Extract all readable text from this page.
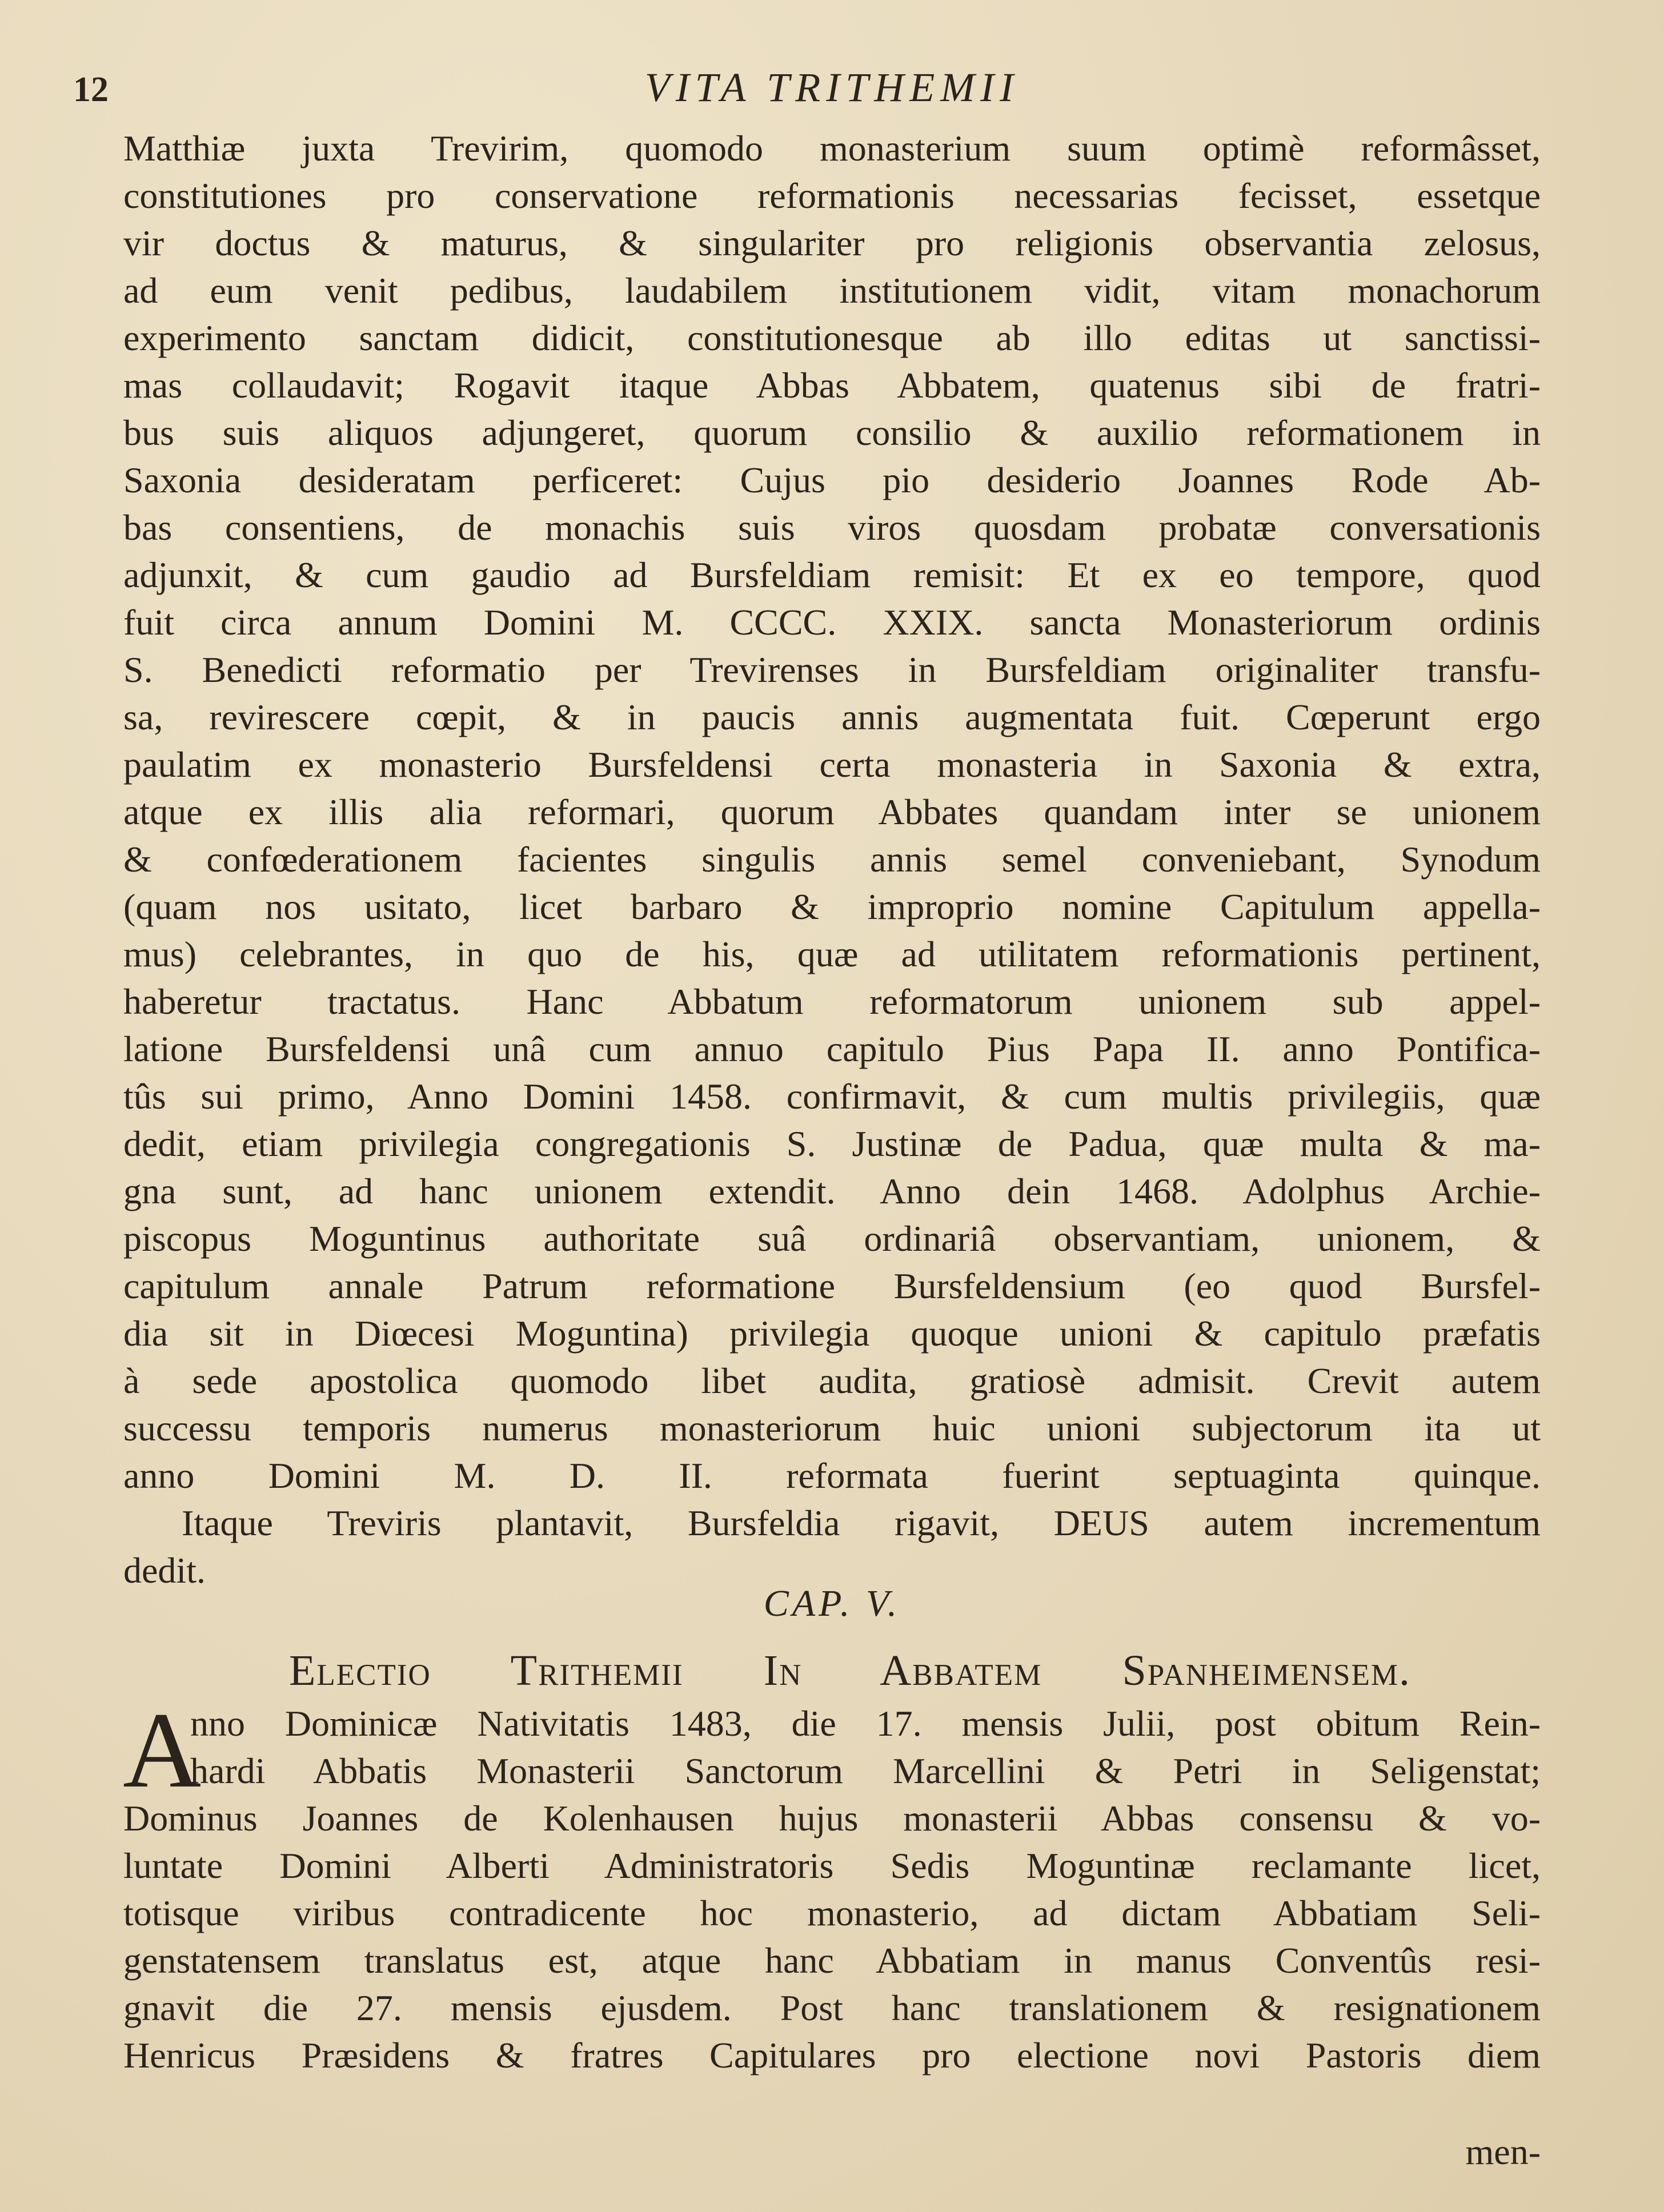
12	VITA TRITHEMII
Matthiæ juxta Trevirim, quomodo monasterium suum optimè reformâsset,
constitutiones pro conservatione reformationis necessarias fecisset, essetque
vir doctus & maturus, & singulariter pro religionis observantia zelosus,
ad eum venit pedibus, laudabilem institutionem vidit, vitam monachorum
experimento sanctam didicit, constitutionesque ab illo editas ut sanctissi-
mas collaudavit; Rogavit itaque Abbas Abbatem, quatenus sibi de fratri-
bus suis aliquos adjungeret, quorum consilio & auxilio reformationem in
Saxonia desideratam perficeret: Cujus pio desiderio Joannes Rode Ab-
bas consentiens, de monachis suis viros quosdam probatæ conversationis
adjunxit, & cum gaudio ad Bursfeldiam remisit: Et ex eo tempore, quod
fuit circa annum Domini M. CCCC. XXIX. sancta Monasteriorum ordinis
S. Benedicti reformatio per Trevirenses in Bursfeldiam originaliter transfu-
sa, revirescere cœpit, & in paucis annis augmentata fuit. Cœperunt ergo
paulatim ex monasterio Bursfeldensi certa monasteria in Saxonia & extra,
atque ex illis alia reformari, quorum Abbates quandam inter se unionem
& confœderationem facientes singulis annis semel conveniebant, Synodum
(quam nos usitato, licet barbaro & improprio nomine Capitulum appella-
mus) celebrantes, in quo de his, quæ ad utilitatem reformationis pertinent,
haberetur tractatus. Hanc Abbatum reformatorum unionem sub appel-
latione Bursfeldensi unâ cum annuo capitulo Pius Papa II. anno Pontifica-
tûs sui primo, Anno Domini 1458. confirmavit, & cum multis privilegiis, quæ
dedit, etiam privilegia congregationis S. Justinæ de Padua, quæ multa & ma-
gna sunt, ad hanc unionem extendit. Anno dein 1468. Adolphus Archie-
piscopus Moguntinus authoritate suâ ordinariâ observantiam, unionem, &
capitulum annale Patrum reformatione Bursfeldensium (eo quod Bursfel-
dia sit in Diœcesi Moguntina) privilegia quoque unioni & capitulo præfatis
à sede apostolica quomodo libet audita, gratiosè admisit. Crevit autem
successu temporis numerus monasteriorum huic unioni subjectorum ita ut
anno Domini M. D. II. reformata fuerint septuaginta quinque.
Itaque Treviris plantavit, Bursfeldia rigavit, DEUS autem incrementum
dedit.
CAP. V.
Electio Trithemii In Abbatem Spanheimensem.
A
nno Dominicæ Nativitatis 1483, die 17. mensis Julii, post obitum Rein-
hardi Abbatis Monasterii Sanctorum Marcellini & Petri in Seligenstat;
Dominus Joannes de Kolenhausen hujus monasterii Abbas consensu & vo-
luntate Domini Alberti Administratoris Sedis Moguntinæ reclamante licet,
totisque viribus contradicente hoc monasterio, ad dictam Abbatiam Seli-
genstatensem translatus est, atque hanc Abbatiam in manus Conventûs resi-
gnavit die 27. mensis ejusdem. Post hanc translationem & resignationem
Henricus Præsidens & fratres Capitulares pro electione novi Pastoris diem
men-
